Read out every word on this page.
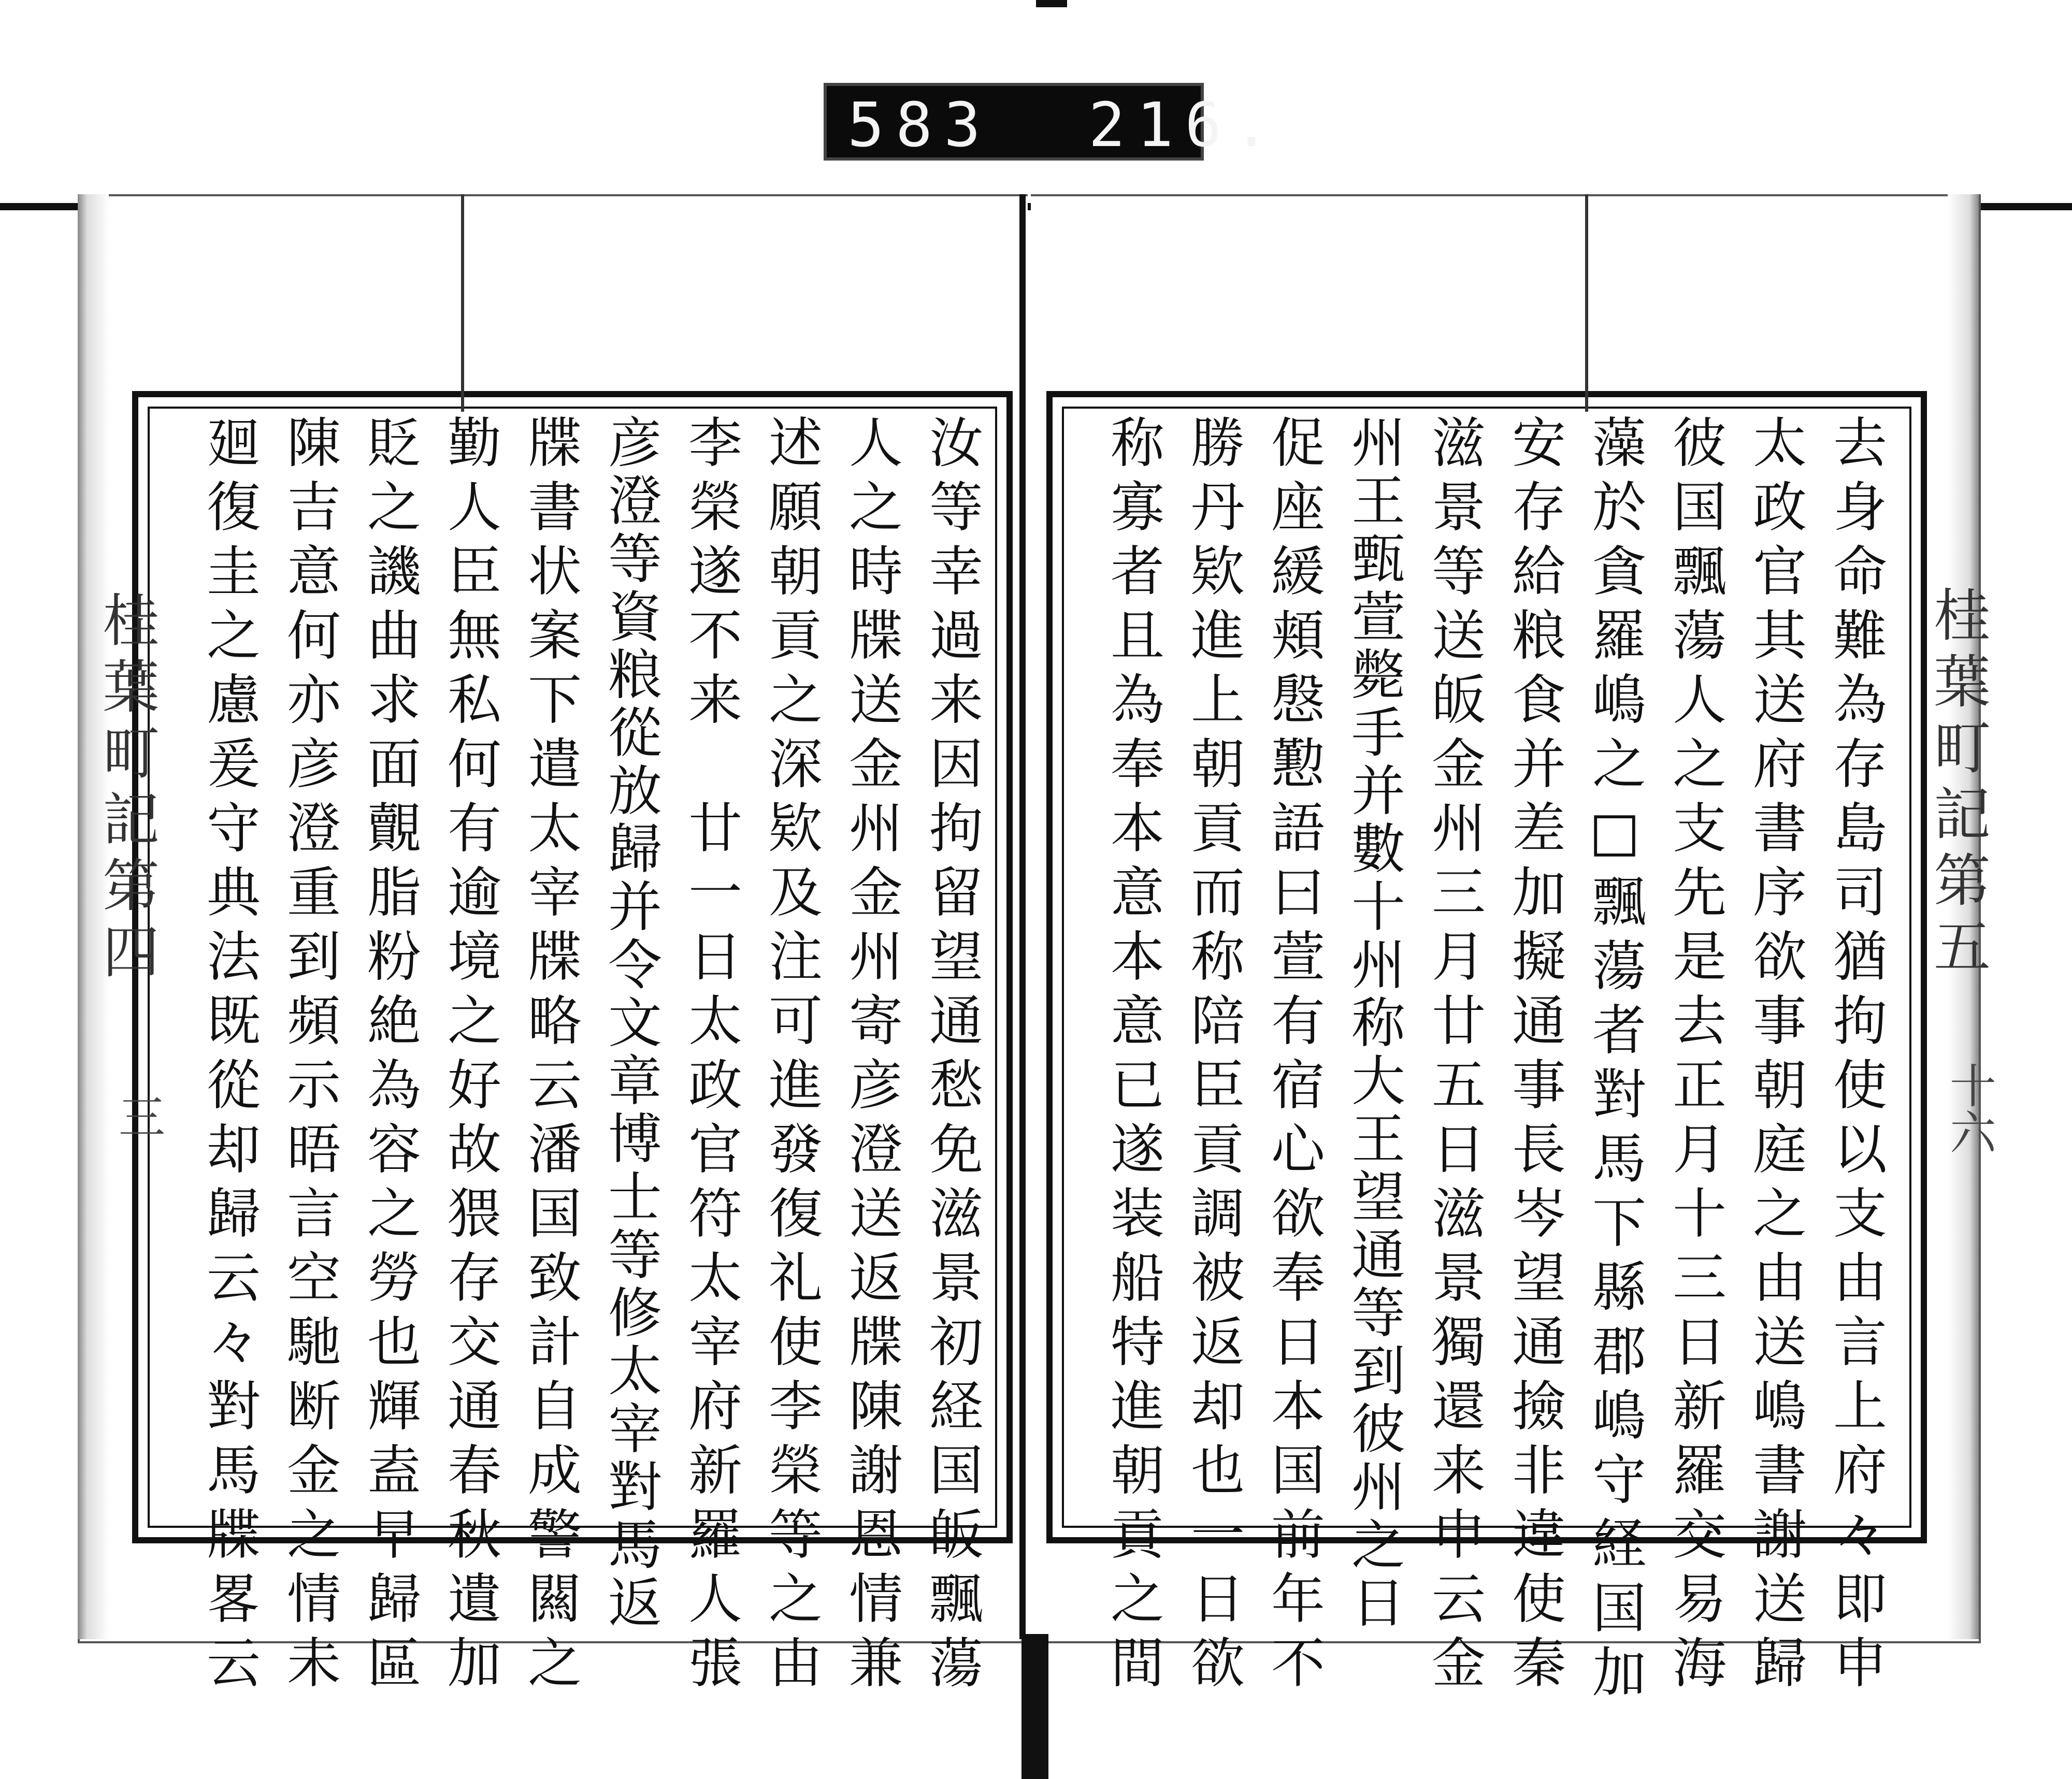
583  216.
桂葉町記第五
十六
桂葉町記第四
三	去身命難為存島司猶拘使以支由言上府々即申
太政官其送府書序欲事朝庭之由送嶋書謝送歸
彼国飄蕩人之支先是去正月十三日新羅交易海
藻於貪羅嶋之□飄蕩者對馬下縣郡嶋守経国加
安存給粮食并差加擬通事長岑望通撿非違使秦
滋景等送皈金州三月廿五日滋景獨還来申云金
州王甄萱斃手并數十州称大王望通等到彼州之日
促座緩頬慇懃語曰萱有宿心欲奉日本国前年不
勝丹欵進上朝貢而称陪臣貢調被返却也一日欲
称寡者且為奉本意本意已遂装船特進朝貢之間
汝等幸過来因拘留望通愁免滋景初経国皈飄蕩
人之時牒送金州金州寄彦澄送返牒陳謝恩情兼
述願朝貢之深欵及注可進發復礼使李榮等之由
李榮遂不来　廿一日太政官符太宰府新羅人張
彦澄等資粮從放歸并令文章博士等修太宰對馬返
牒書状案下遣太宰牒略云潘国致計自成警闗之
勤人臣無私何有逾境之好故猥存交通春秋遺加
貶之譏曲求面覿脂粉絶為容之勞也輝盍早歸區
陳吉意何亦彦澄重到頻示晤言空馳断金之情未
廻復圭之慮爰守典法既從却歸云々對馬牒畧云
